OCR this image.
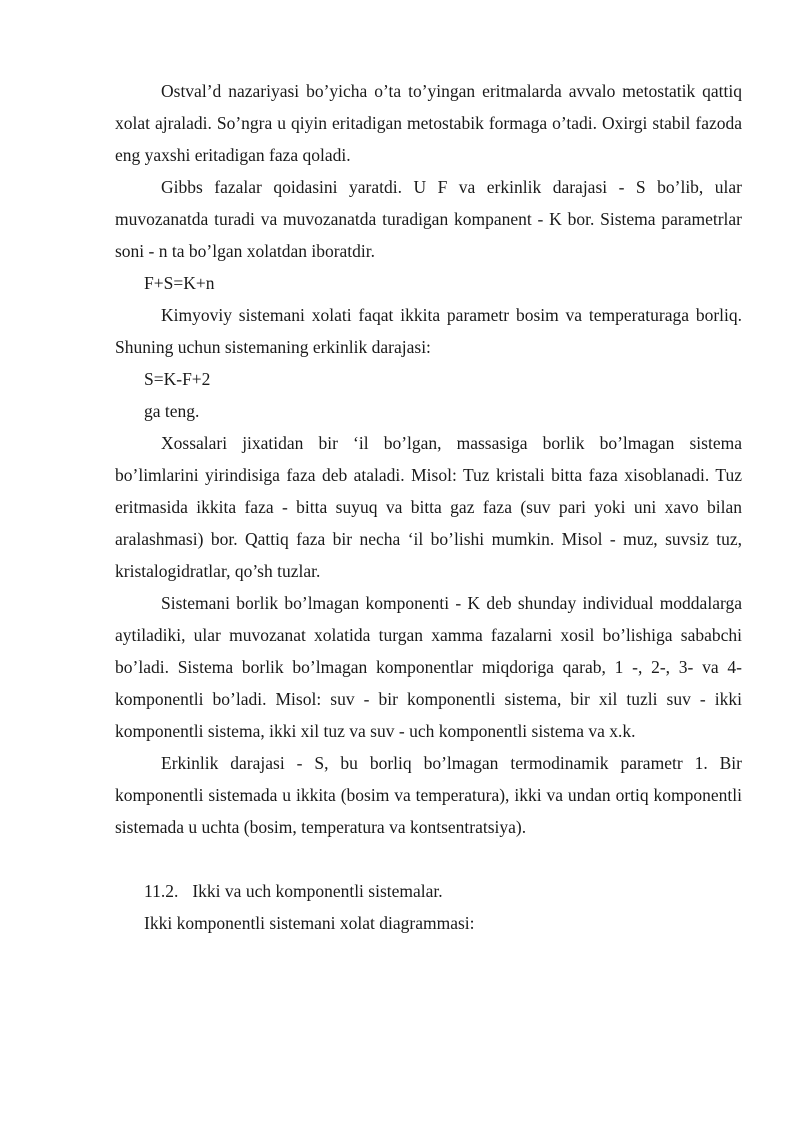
Ostval’d nazariyasi bo’yicha o’ta to’yingan eritmalarda avvalo metostatik qattiq xolat ajraladi. So’ngra u qiyin eritadigan metostabik formaga o’tadi. Oxirgi stabil fazoda eng yaxshi eritadigan faza qoladi.

Gibbs fazalar qoidasini yaratdi. U F va erkinlik darajasi - S bo’lib, ular muvozanatda turadi va muvozanatda turadigan kompanent - K bor. Sistema parametrlar soni - n ta bo’lgan xolatdan iboratdir.

F+S=K+n

Kimyoviy sistemani xolati faqat ikkita parametr bosim va temperaturaga borliq. Shuning uchun sistemaning erkinlik darajasi:

S=K-F+2

ga teng.

Xossalari jixatidan bir ‘il bo’lgan, massasiga borlik bo’lmagan sistema bo’limlarini yirindisiga faza deb ataladi. Misol: Tuz kristali bitta faza xisoblanadi. Tuz eritmasida ikkita faza - bitta suyuq va bitta gaz faza (suv pari yoki uni xavo bilan aralashmasi) bor. Qattiq faza bir necha ‘il bo’lishi mumkin. Misol - muz, suvsiz tuz, kristalogidratlar, qo’sh tuzlar.

Sistemani borlik bo’lmagan komponenti - K deb shunday individual moddalarga aytiladiki, ular muvozanat xolatida turgan xamma fazalarni xosil bo’lishiga sababchi bo’ladi. Sistema borlik bo’lmagan komponentlar miqdoriga qarab, 1 -, 2-, 3- va 4- komponentli bo’ladi. Misol: suv - bir komponentli sistema, bir xil tuzli suv - ikki komponentli sistema, ikki xil tuz va suv - uch komponentli sistema va x.k.

Erkinlik darajasi - S, bu borliq bo’lmagan termodinamik parametr 1. Bir komponentli sistemada u ikkita (bosim va temperatura), ikki va undan ortiq komponentli sistemada u uchta (bosim, temperatura va kontsentratsiya).

11.2. Ikki va uch komponentli sistemalar.

Ikki komponentli sistemani xolat diagrammasi:
